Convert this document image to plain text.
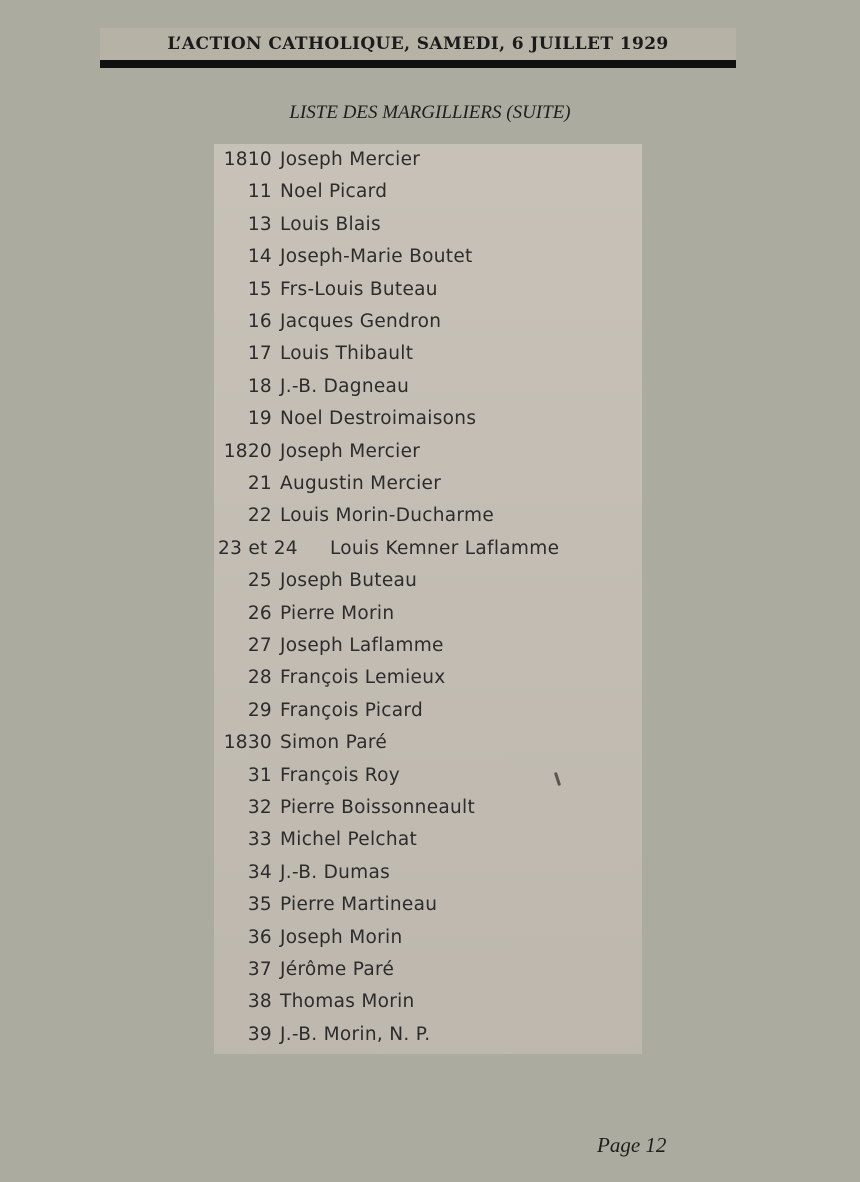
L’ACTION CATHOLIQUE, SAMEDI, 6 JUILLET 1929
LISTE DES MARGILLIERS (SUITE)
1810 Joseph Mercier
11 Noel Picard
13 Louis Blais
14 Joseph-Marie Boutet
15 Frs-Louis Buteau
16 Jacques Gendron
17 Louis Thibault
18 J.-B. Dagneau
19 Noel Destroimaisons
1820 Joseph Mercier
21 Augustin Mercier
22 Louis Morin-Ducharme
23 et 24 Louis Kemner Laflamme
25 Joseph Buteau
26 Pierre Morin
27 Joseph Laflamme
28 François Lemieux
29 François Picard
1830 Simon Paré
31 François Roy
32 Pierre Boissonneault
33 Michel Pelchat
34 J.-B. Dumas
35 Pierre Martineau
36 Joseph Morin
37 Jérôme Paré
38 Thomas Morin
39 J.-B. Morin, N. P.
Page 12
